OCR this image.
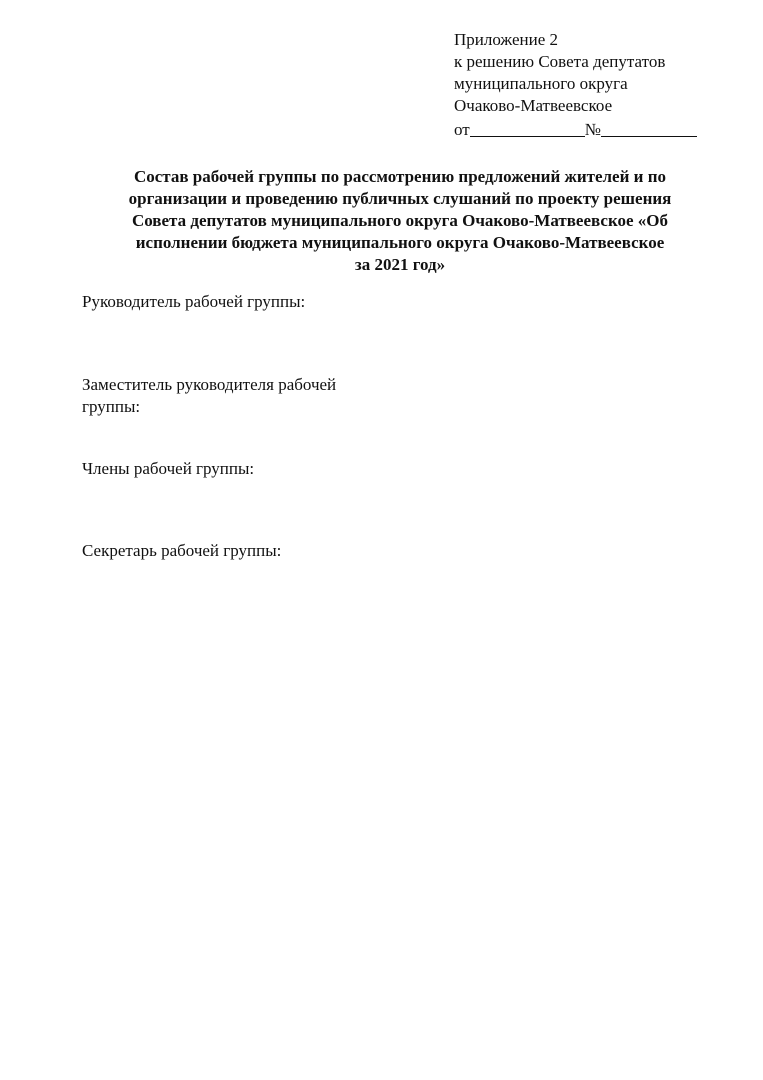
Приложение 2
к решению Совета депутатов
муниципального округа
Очаково-Матвеевское
от	№
Состав рабочей группы по рассмотрению предложений жителей и по
организации и проведению публичных слушаний по проекту решения
Совета депутатов муниципального округа Очаково-Матвеевское «Об
исполнении бюджета муниципального округа Очаково-Матвеевское
за 2021 год»
Руководитель рабочей группы:
Заместитель руководителя рабочей
группы:
Члены рабочей группы:
Секретарь рабочей группы:
